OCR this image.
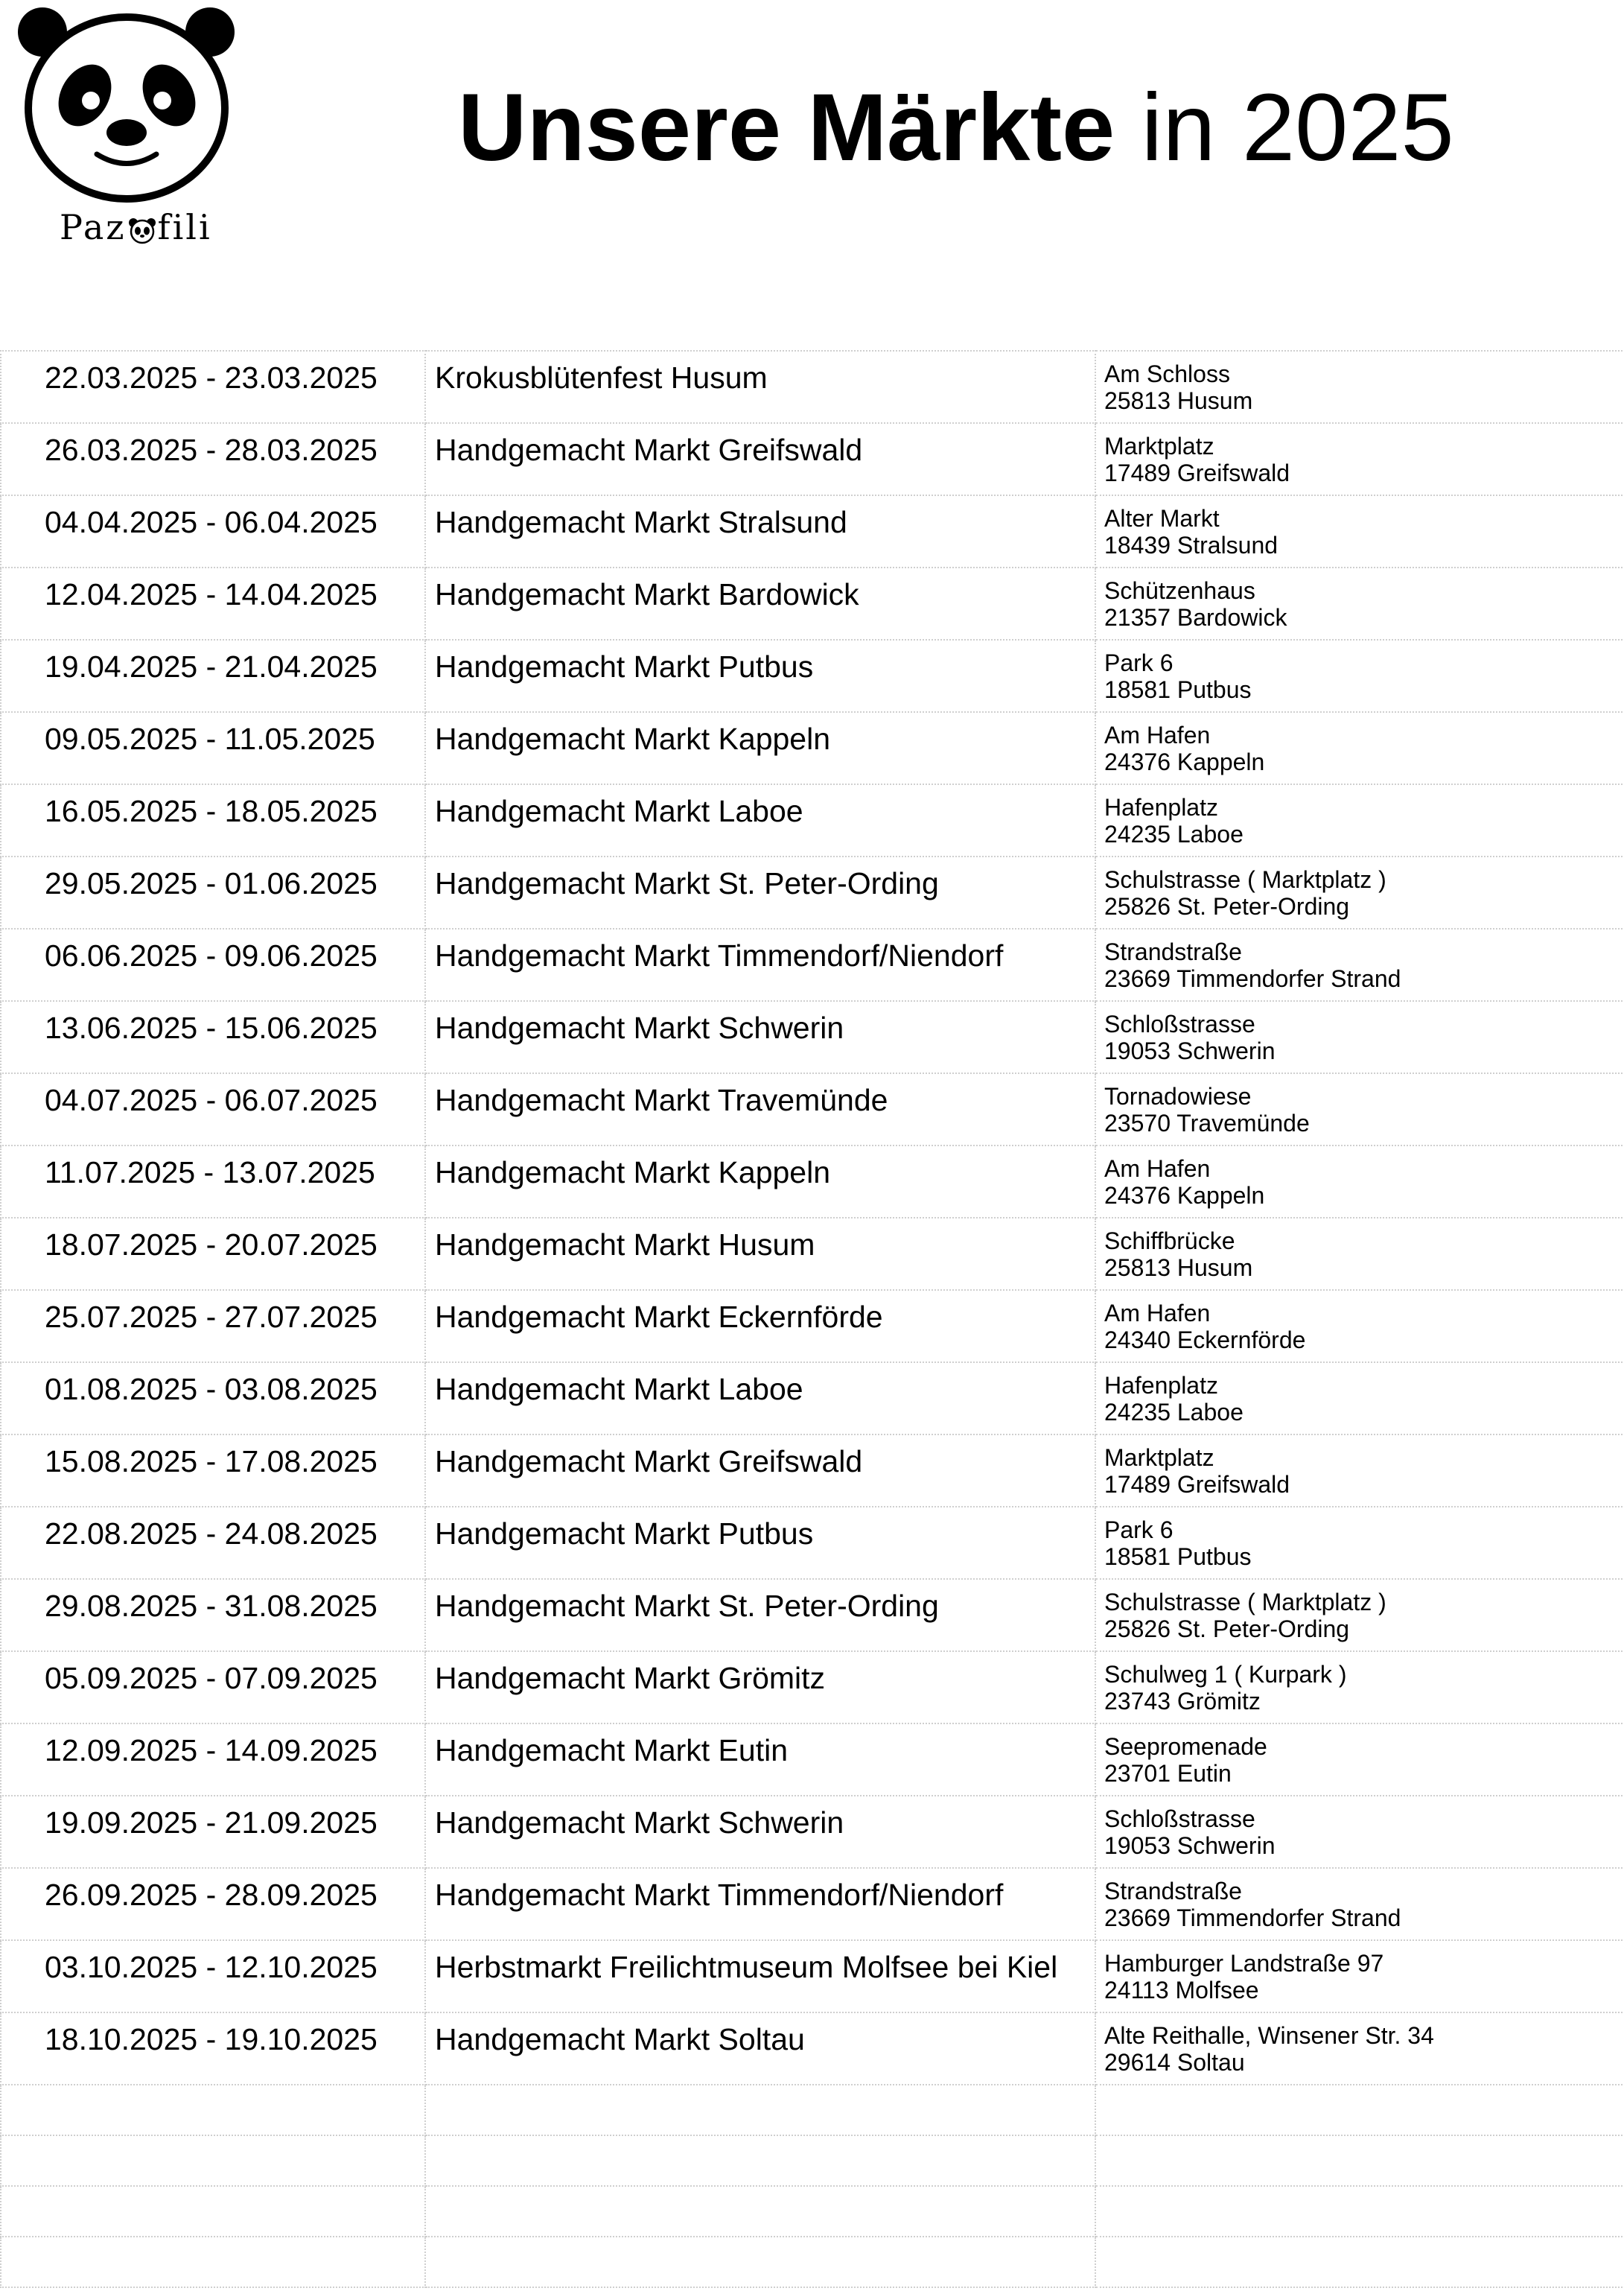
Paz fili
Unsere Märkte in 2025
22.03.2025 - 23.03.2025	Krokusblütenfest Husum	Am Schloss
25813 Husum

26.03.2025 - 28.03.2025	Handgemacht Markt Greifswald	Marktplatz
17489 Greifswald

04.04.2025 - 06.04.2025	Handgemacht Markt Stralsund	Alter Markt
18439 Stralsund

12.04.2025 - 14.04.2025	Handgemacht Markt Bardowick	Schützenhaus
21357 Bardowick

19.04.2025 - 21.04.2025	Handgemacht Markt Putbus	Park 6
18581 Putbus

09.05.2025 - 11.05.2025	Handgemacht Markt Kappeln	Am Hafen
24376 Kappeln

16.05.2025 - 18.05.2025	Handgemacht Markt Laboe	Hafenplatz
24235 Laboe

29.05.2025 - 01.06.2025	Handgemacht Markt St. Peter-Ording	Schulstrasse ( Marktplatz )
25826 St. Peter-Ording

06.06.2025 - 09.06.2025	Handgemacht Markt Timmendorf/Niendorf	Strandstraße
23669 Timmendorfer Strand

13.06.2025 - 15.06.2025	Handgemacht Markt Schwerin	Schloßstrasse
19053 Schwerin

04.07.2025 - 06.07.2025	Handgemacht Markt Travemünde	Tornadowiese
23570 Travemünde

11.07.2025 - 13.07.2025	Handgemacht Markt Kappeln	Am Hafen
24376 Kappeln

18.07.2025 - 20.07.2025	Handgemacht Markt Husum	Schiffbrücke
25813 Husum

25.07.2025 - 27.07.2025	Handgemacht Markt Eckernförde	Am Hafen
24340 Eckernförde

01.08.2025 - 03.08.2025	Handgemacht Markt Laboe	Hafenplatz
24235 Laboe

15.08.2025 - 17.08.2025	Handgemacht Markt Greifswald	Marktplatz
17489 Greifswald

22.08.2025 - 24.08.2025	Handgemacht Markt Putbus	Park 6
18581 Putbus

29.08.2025 - 31.08.2025	Handgemacht Markt St. Peter-Ording	Schulstrasse ( Marktplatz )
25826 St. Peter-Ording

05.09.2025 - 07.09.2025	Handgemacht Markt Grömitz	Schulweg 1 ( Kurpark )
23743 Grömitz

12.09.2025 - 14.09.2025	Handgemacht Markt Eutin	Seepromenade
23701 Eutin

19.09.2025 - 21.09.2025	Handgemacht Markt Schwerin	Schloßstrasse
19053 Schwerin

26.09.2025 - 28.09.2025	Handgemacht Markt Timmendorf/Niendorf	Strandstraße
23669 Timmendorfer Strand

03.10.2025 - 12.10.2025	Herbstmarkt Freilichtmuseum Molfsee bei Kiel	Hamburger Landstraße 97
24113 Molfsee

18.10.2025 - 19.10.2025	Handgemacht Markt Soltau	Alte Reithalle, Winsener Str. 34
29614 Soltau
